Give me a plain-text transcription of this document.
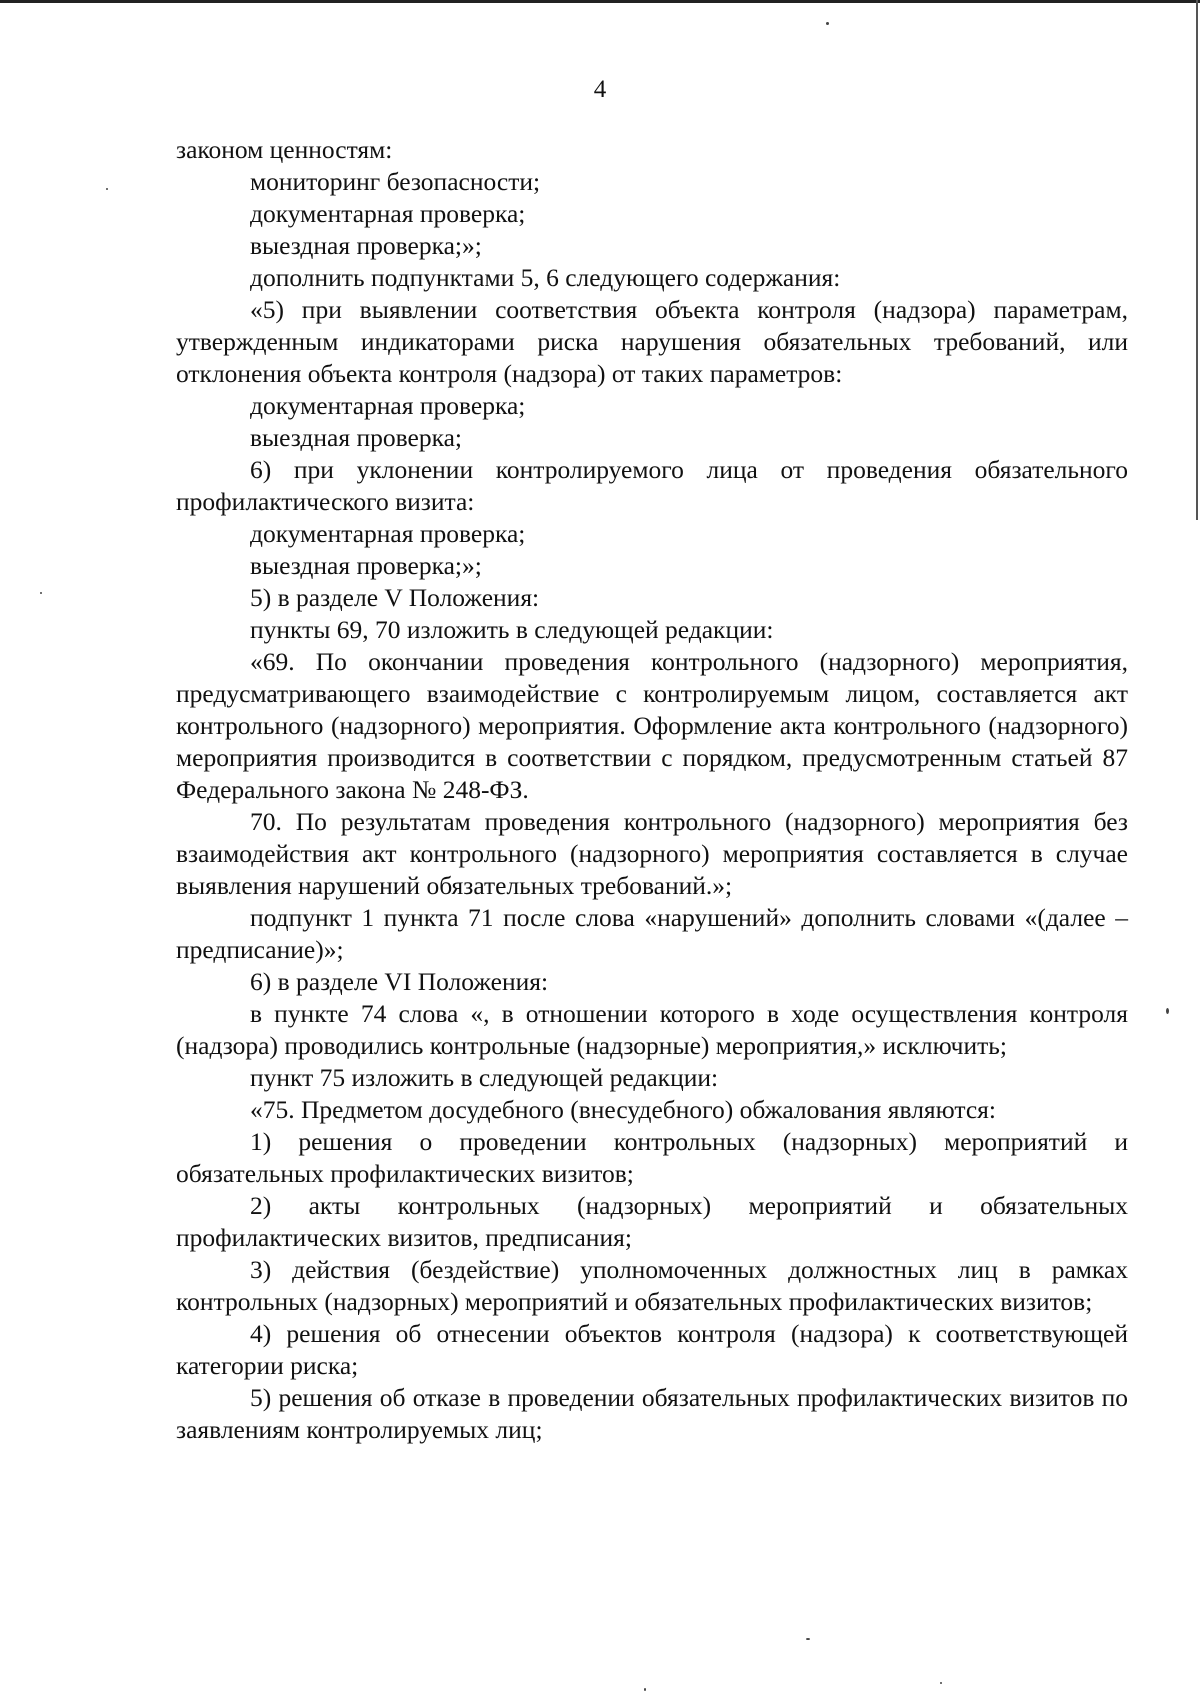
4

законом ценностям:

мониторинг безопасности;

документарная проверка;

выездная проверка;»;

дополнить подпунктами 5, 6 следующего содержания:

«5) при выявлении соответствия объекта контроля (надзора) параметрам, утвержденным индикаторами риска нарушения обязательных требований, или отклонения объекта контроля (надзора) от таких параметров:

документарная проверка;

выездная проверка;

6) при уклонении контролируемого лица от проведения обязательного профилактического визита:

документарная проверка;

выездная проверка;»;

5) в разделе V Положения:

пункты 69, 70 изложить в следующей редакции:

«69. По окончании проведения контрольного (надзорного) мероприятия, предусматривающего взаимодействие с контролируемым лицом, составляется акт контрольного (надзорного) мероприятия. Оформление акта контрольного (надзорного) мероприятия производится в соответствии с порядком, предусмотренным статьей 87 Федерального закона № 248-ФЗ.

70. По результатам проведения контрольного (надзорного) мероприятия без взаимодействия акт контрольного (надзорного) мероприятия составляется в случае выявления нарушений обязательных требований.»;

подпункт 1 пункта 71 после слова «нарушений» дополнить словами «(далее – предписание)»;

6) в разделе VI Положения:

в пункте 74 слова «, в отношении которого в ходе осуществления контроля (надзора) проводились контрольные (надзорные) мероприятия,» исключить;

пункт 75 изложить в следующей редакции:

«75. Предметом досудебного (внесудебного) обжалования являются:

1) решения о проведении контрольных (надзорных) мероприятий и обязательных профилактических визитов;

2) акты контрольных (надзорных) мероприятий и обязательных профилактических визитов, предписания;

3) действия (бездействие) уполномоченных должностных лиц в рамках контрольных (надзорных) мероприятий и обязательных профилактических визитов;

4) решения об отнесении объектов контроля (надзора) к соответствующей категории риска;

5) решения об отказе в проведении обязательных профилактических визитов по заявлениям контролируемых лиц;
